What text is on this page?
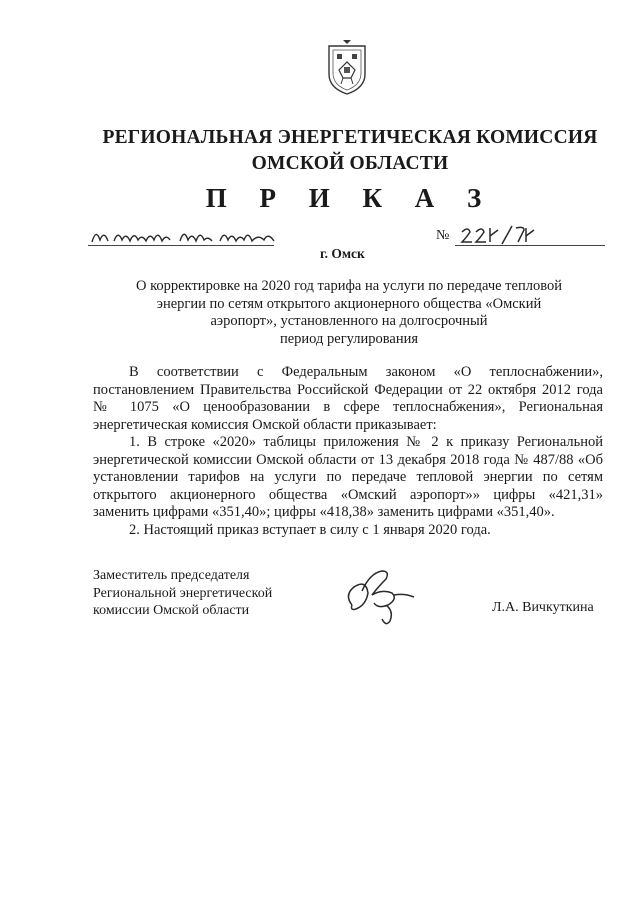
РЕГИОНАЛЬНАЯ ЭНЕРГЕТИЧЕСКАЯ КОМИССИЯ
ОМСКОЙ ОБЛАСТИ
П Р И К А З
№
г. Омск
О корректировке на 2020 год тарифа на услуги по передаче тепловой
энергии по сетям открытого акционерного общества «Омский
аэропорт», установленного на долгосрочный
период регулирования

В соответствии с Федеральным законом «О теплоснабжении», постановлением Правительства Российской Федерации от 22 октября 2012 года № 1075 «О ценообразовании в сфере теплоснабжения», Региональная энергетическая комиссия Омской области приказывает:

1. В строке «2020» таблицы приложения № 2 к приказу Региональной энергетической комиссии Омской области от 13 декабря 2018 года № 487/88 «Об установлении тарифов на услуги по передаче тепловой энергии по сетям открытого акционерного общества «Омский аэропорт»» цифры «421,31» заменить цифрами «351,40»; цифры «418,38» заменить цифрами «351,40».

2. Настоящий приказ вступает в силу с 1 января 2020 года.

Заместитель председателя
Региональной энергетической
комиссии Омской области	Л.А. Вичкуткина
